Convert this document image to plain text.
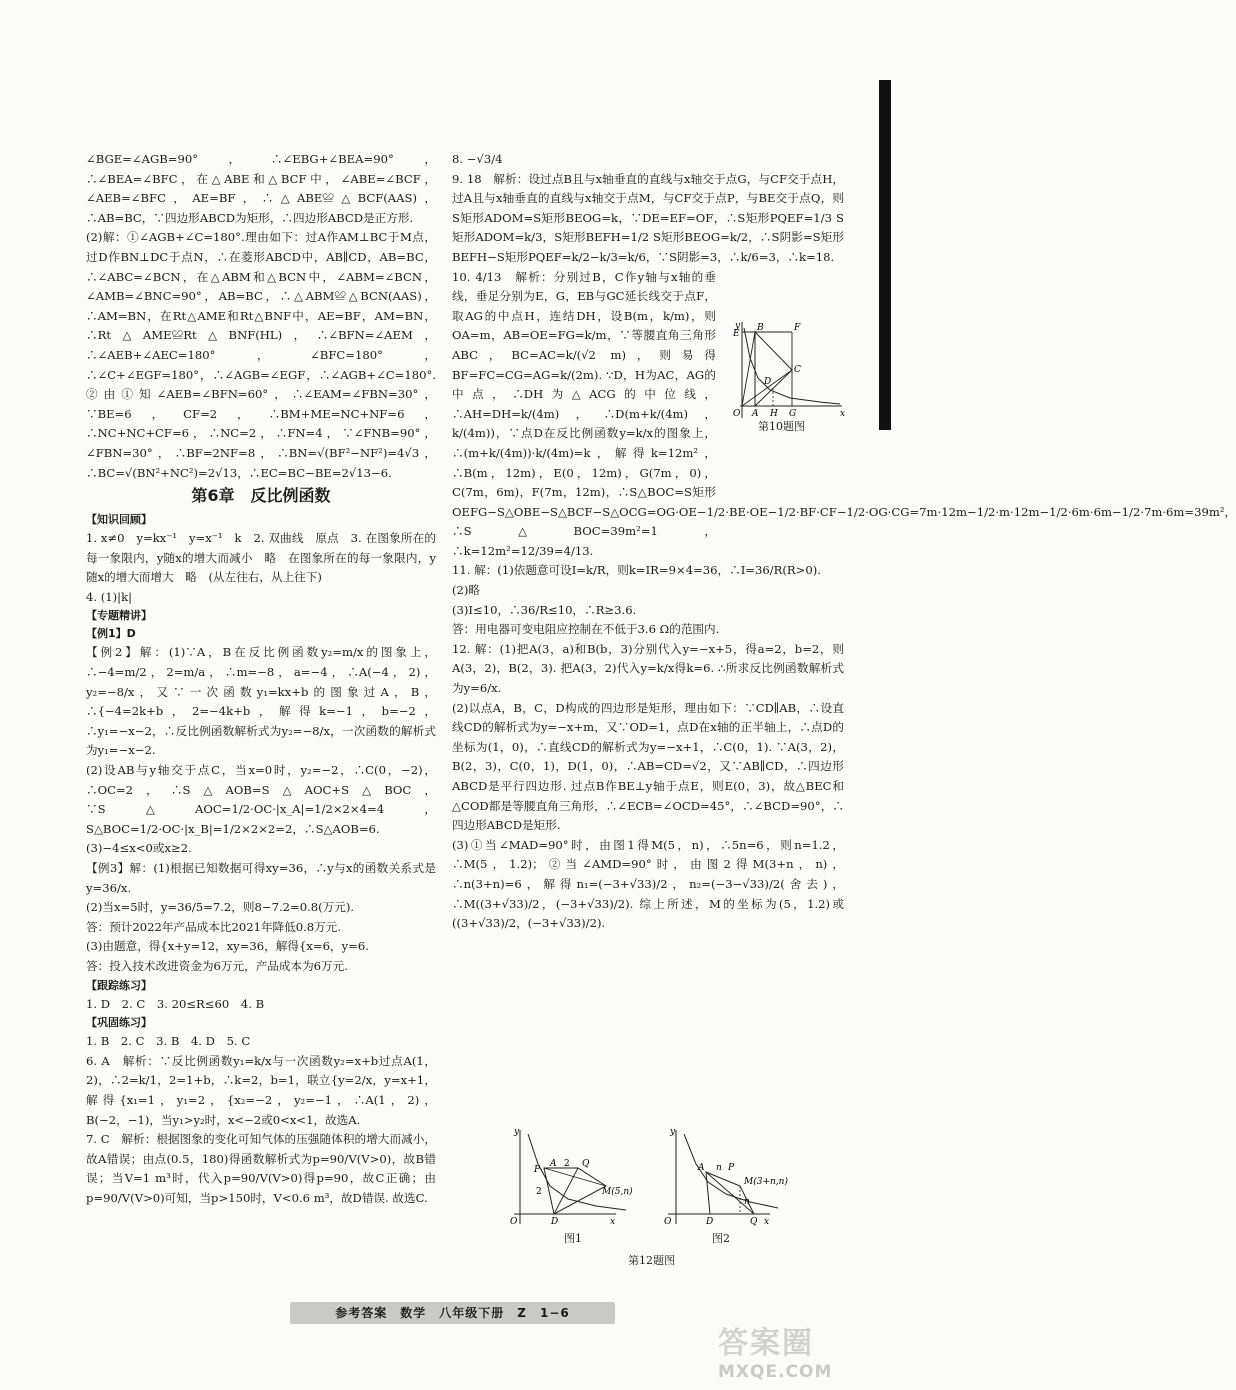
∠BGE=∠AGB=90°，∴∠EBG+∠BEA=90°，∴∠BEA=∠BFC，在△ABE和△BCF中，∠ABE=∠BCF，∠AEB=∠BFC，AE=BF，∴△ABE≌△BCF(AAS)，∴AB=BC，∵四边形ABCD为矩形，∴四边形ABCD是正方形.

(2)解：①∠AGB+∠C=180°.理由如下：过A作AM⊥BC于M点，过D作BN⊥DC于点N，∴在菱形ABCD中，AB∥CD，AB=BC，∴∠ABC=∠BCN，在△ABM和△BCN中，∠ABM=∠BCN，∠AMB=∠BNC=90°，AB=BC，∴△ABM≌△BCN(AAS)，∴AM=BN，在Rt△AME和Rt△BNF中，AE=BF，AM=BN，∴Rt△AME≌Rt△BNF(HL)，∴∠BFN=∠AEM，∴∠AEB+∠AEC=180°，∠BFC=180°，∴∠C+∠EGF=180°，∴∠AGB=∠EGF，∴∠AGB+∠C=180°. ②由①知∠AEB=∠BFN=60°，∴∠EAM=∠FBN=30°，∵BE=6，CF=2，∴BM+ME=NC+NF=6，∴NC+NC+CF=6，∴NC=2，∴FN=4，∵∠FNB=90°，∠FBN=30°，∴BF=2NF=8，∴BN=√(BF²−NF²)=4√3，∴BC=√(BN²+NC²)=2√13，∴EC=BC−BE=2√13−6.

第6章　反比例函数
【知识回顾】

1. x≠0　y=kx⁻¹　y=x⁻¹　k　2. 双曲线　原点　3. 在图象所在的每一象限内，y随x的增大而减小　略　在图象所在的每一象限内，y随x的增大而增大　略　(从左往右，从上往下)

4. (1)|k|

【专题精讲】
【例1】D

【例2】解：(1)∵A，B在反比例函数y₂=m/x的图象上，∴−4=m/2，2=m/a，∴m=−8，a=−4，∴A(−4，2)，y₂=−8/x，又∵一次函数y₁=kx+b的图象过A，B，∴{−4=2k+b，2=−4k+b，解得k=−1，b=−2，∴y₁=−x−2，∴反比例函数解析式为y₂=−8/x，一次函数的解析式为y₁=−x−2.

(2)设AB与y轴交于点C，当x=0时，y₂=−2，∴C(0，−2)，∴OC=2，∴S△AOB=S△AOC+S△BOC，∵S△AOC=1/2·OC·|x_A|=1/2×2×4=4，S△BOC=1/2·OC·|x_B|=1/2×2×2=2，∴S△AOB=6.

(3)−4≤x<0或x≥2.

【例3】解：(1)根据已知数据可得xy=36，∴y与x的函数关系式是y=36/x.

(2)当x=5时，y=36/5=7.2，则8−7.2=0.8(万元).

答：预计2022年产品成本比2021年降低0.8万元.

(3)由题意，得{x+y=12，xy=36，解得{x=6，y=6.

答：投入技术改进资金为6万元，产品成本为6万元.

【跟踪练习】

1. D　2. C　3. 20≤R≤60　4. B

【巩固练习】

1. B　2. C　3. B　4. D　5. C

6. A　解析：∵反比例函数y₁=k/x与一次函数y₂=x+b过点A(1，2)，∴2=k/1，2=1+b，∴k=2，b=1，联立{y=2/x，y=x+1，解得{x₁=1，y₁=2，{x₂=−2，y₂=−1，∴A(1，2)，B(−2，−1)，当y₁>y₂时，x<−2或0<x<1，故选A.

7. C　解析：根据图象的变化可知气体的压强随体积的增大而减小，故A错误；由点(0.5，180)得函数解析式为p=90/V(V>0)，故B错误；当V=1 m³时，代入p=90/V(V>0)得p=90，故C正确；由p=90/V(V>0)可知，当p>150时，V<0.6 m³，故D错误. 故选C.

8. −√3/4

9. 18　解析：设过点B且与x轴垂直的直线与x轴交于点G，与CF交于点H，过A且与x轴垂直的直线与x轴交于点M，与CF交于点P，与BE交于点Q，则S矩形ADOM=S矩形BEOG=k，∵DE=EF=OF，∴S矩形PQEF=1/3 S矩形ADOM=k/3，S矩形BEFH=1/2 S矩形BEOG=k/2，∴S阴影=S矩形BEFH−S矩形PQEF=k/2−k/3=k/6，∵S阴影=3，∴k/6=3，∴k=18.

10. 4/13　解析：分别过B，C作y轴与x轴的垂线，垂足分别为E，G，EB与GC延长线交于点F，取AG的中点H，连结DH，设B(m，k/m)，则OA=m，AB=OE=FG=k/m，∵等腰直角三角形ABC，BC=AC=k/(√2 m)，则易得BF=FC=CG=AG=k/(2m). ∵D，H为AC，AG的中点，∴DH为△ACG的中位线，∴AH=DH=k/(4m)，∴D(m+k/(4m)，k/(4m))，∵点D在反比例函数y=k/x的图象上，∴(m+k/(4m))·k/(4m)=k，解得k=12m²，∴B(m，12m)，E(0，12m)，G(7m，0)，C(7m，6m)，F(7m，12m)，∴S△BOC=S矩形OEFG−S△OBE−S△BCF−S△OCG=OG·OE−1/2·BE·OE−1/2·BF·CF−1/2·OG·CG=7m·12m−1/2·m·12m−1/2·6m·6m−1/2·7m·6m=39m²，∴S△BOC=39m²=1，∴k=12m²=12/39=4/13.

11. 解：(1)依题意可设I=k/R，则k=IR=9×4=36，∴I=36/R(R>0).

(2)略

(3)I≤10，∴36/R≤10，∴R≥3.6.

答：用电器可变电阻应控制在不低于3.6 Ω的范围内.

12. 解：(1)把A(3，a)和B(b，3)分别代入y=−x+5，得a=2，b=2，则A(3，2)，B(2，3). 把A(3，2)代入y=k/x得k=6. ∴所求反比例函数解析式为y=6/x.

(2)以点A，B，C，D构成的四边形是矩形，理由如下：∵CD∥AB，∴设直线CD的解析式为y=−x+m，又∵OD=1，点D在x轴的正半轴上，∴点D的坐标为(1，0)，∴直线CD的解析式为y=−x+1，∴C(0，1). ∵A(3，2)，B(2，3)，C(0，1)，D(1，0)，∴AB=CD=√2，又∵AB∥CD，∴四边形ABCD是平行四边形. 过点B作BE⊥y轴于点E，则E(0，3)，故△BEC和△COD都是等腰直角三角形，∴∠ECB=∠OCD=45°，∴∠BCD=90°，∴四边形ABCD是矩形.

(3)①当∠MAD=90°时，由图1得M(5，n)，∴5n=6，则n=1.2，∴M(5，1.2)；②当∠AMD=90°时，由图2得M(3+n，n)，∴n(3+n)=6，解得n₁=(−3+√33)/2，n₂=(−3−√33)/2(舍去)，∴M((3+√33)/2，(−3+√33)/2). 综上所述，M的坐标为(5，1.2)或((3+√33)/2，(−3+√33)/2).

y
E
B	F
D
C
O A H G	x
第10题图
y
P
A 2 Q
2	M(5,n)
O	D	x
图1
y
A n P
M(3+n,n)
n
O	D	Q x
图2
第12题图
参考答案　数学　八年级下册　Z　1−6
答案圈
MXQE.COM
